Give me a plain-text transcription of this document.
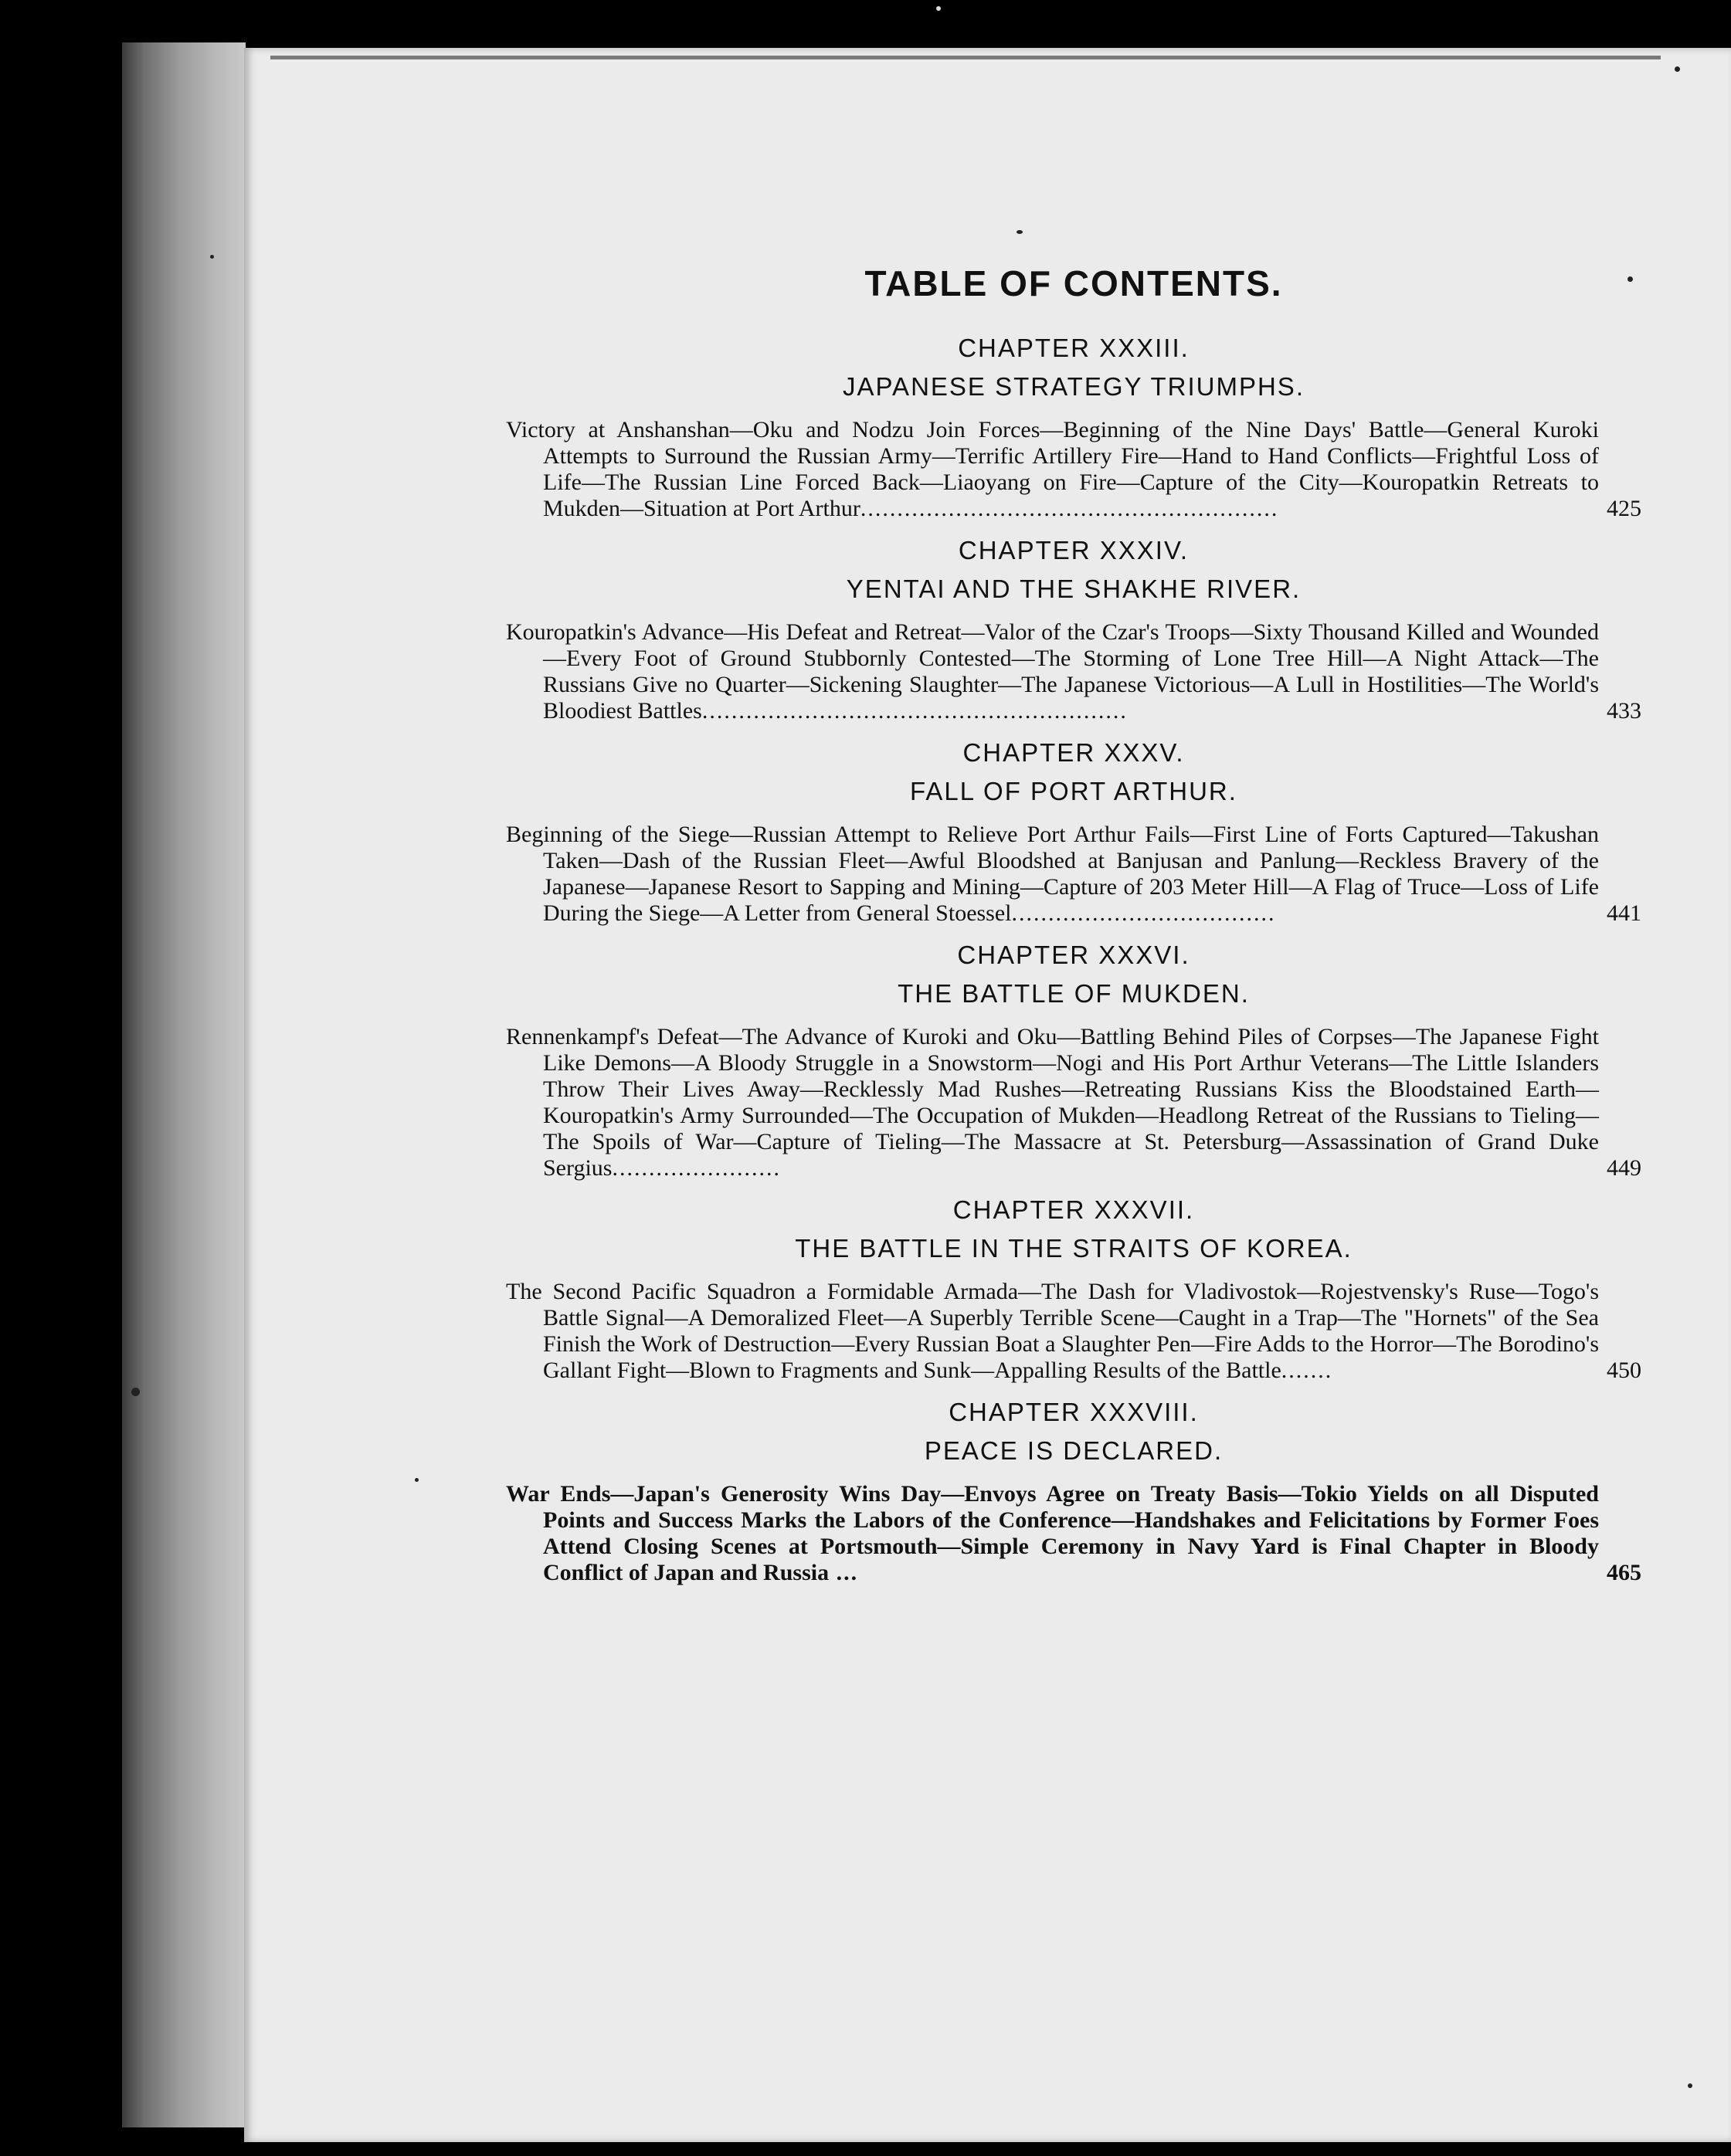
TABLE OF CONTENTS.
CHAPTER XXXIII.
JAPANESE STRATEGY TRIUMPHS.

Victory at Anshanshan—Oku and Nodzu Join Forces—Beginning of the Nine Days' Battle—General Kuroki Attempts to Surround the Russian Army—Terrific Artillery Fire—Hand to Hand Conflicts—Frightful Loss of Life—The Russian Line Forced Back—Liaoyang on Fire—Capture of the City—Kouropatkin Retreats to Mukden—Situation at Port Arthur.........................................................	425

CHAPTER XXXIV.
YENTAI AND THE SHAKHE RIVER.

Kouropatkin's Advance—His Defeat and Retreat—Valor of the Czar's Troops—Sixty Thousand Killed and Wounded—Every Foot of Ground Stubbornly Contested—The Storming of Lone Tree Hill—A Night Attack—The Russians Give no Quarter—Sickening Slaughter—The Japanese Victorious—A Lull in Hostilities—The World's Bloodiest Battles..........................................................	433

CHAPTER XXXV.
FALL OF PORT ARTHUR.

Beginning of the Siege—Russian Attempt to Relieve Port Arthur Fails—First Line of Forts Captured—Takushan Taken—Dash of the Russian Fleet—Awful Bloodshed at Banjusan and Panlung—Reckless Bravery of the Japanese—Japanese Resort to Sapping and Mining—Capture of 203 Meter Hill—A Flag of Truce—Loss of Life During the Siege—A Letter from General Stoessel....................................	441

CHAPTER XXXVI.
THE BATTLE OF MUKDEN.

Rennenkampf's Defeat—The Advance of Kuroki and Oku—Battling Behind Piles of Corpses—The Japanese Fight Like Demons—A Bloody Struggle in a Snowstorm—Nogi and His Port Arthur Veterans—The Little Islanders Throw Their Lives Away—Recklessly Mad Rushes—Retreating Russians Kiss the Bloodstained Earth—Kouropatkin's Army Surrounded—The Occupation of Mukden—Headlong Retreat of the Russians to Tieling—The Spoils of War—Capture of Tieling—The Massacre at St. Petersburg—Assassination of Grand Duke Sergius.......................	449

CHAPTER XXXVII.
THE BATTLE IN THE STRAITS OF KOREA.

The Second Pacific Squadron a Formidable Armada—The Dash for Vladivostok—Rojestvensky's Ruse—Togo's Battle Signal—A Demoralized Fleet—A Superbly Terrible Scene—Caught in a Trap—The "Hornets" of the Sea Finish the Work of Destruction—Every Russian Boat a Slaughter Pen—Fire Adds to the Horror—The Borodino's Gallant Fight—Blown to Fragments and Sunk—Appalling Results of the Battle.......	450

CHAPTER XXXVIII.
PEACE IS DECLARED.

War Ends—Japan's Generosity Wins Day—Envoys Agree on Treaty Basis—Tokio Yields on all Disputed Points and Success Marks the Labors of the Conference—Handshakes and Felicitations by Former Foes Attend Closing Scenes at Portsmouth—Simple Ceremony in Navy Yard is Final Chapter in Bloody Conflict of Japan and Russia ...	465
